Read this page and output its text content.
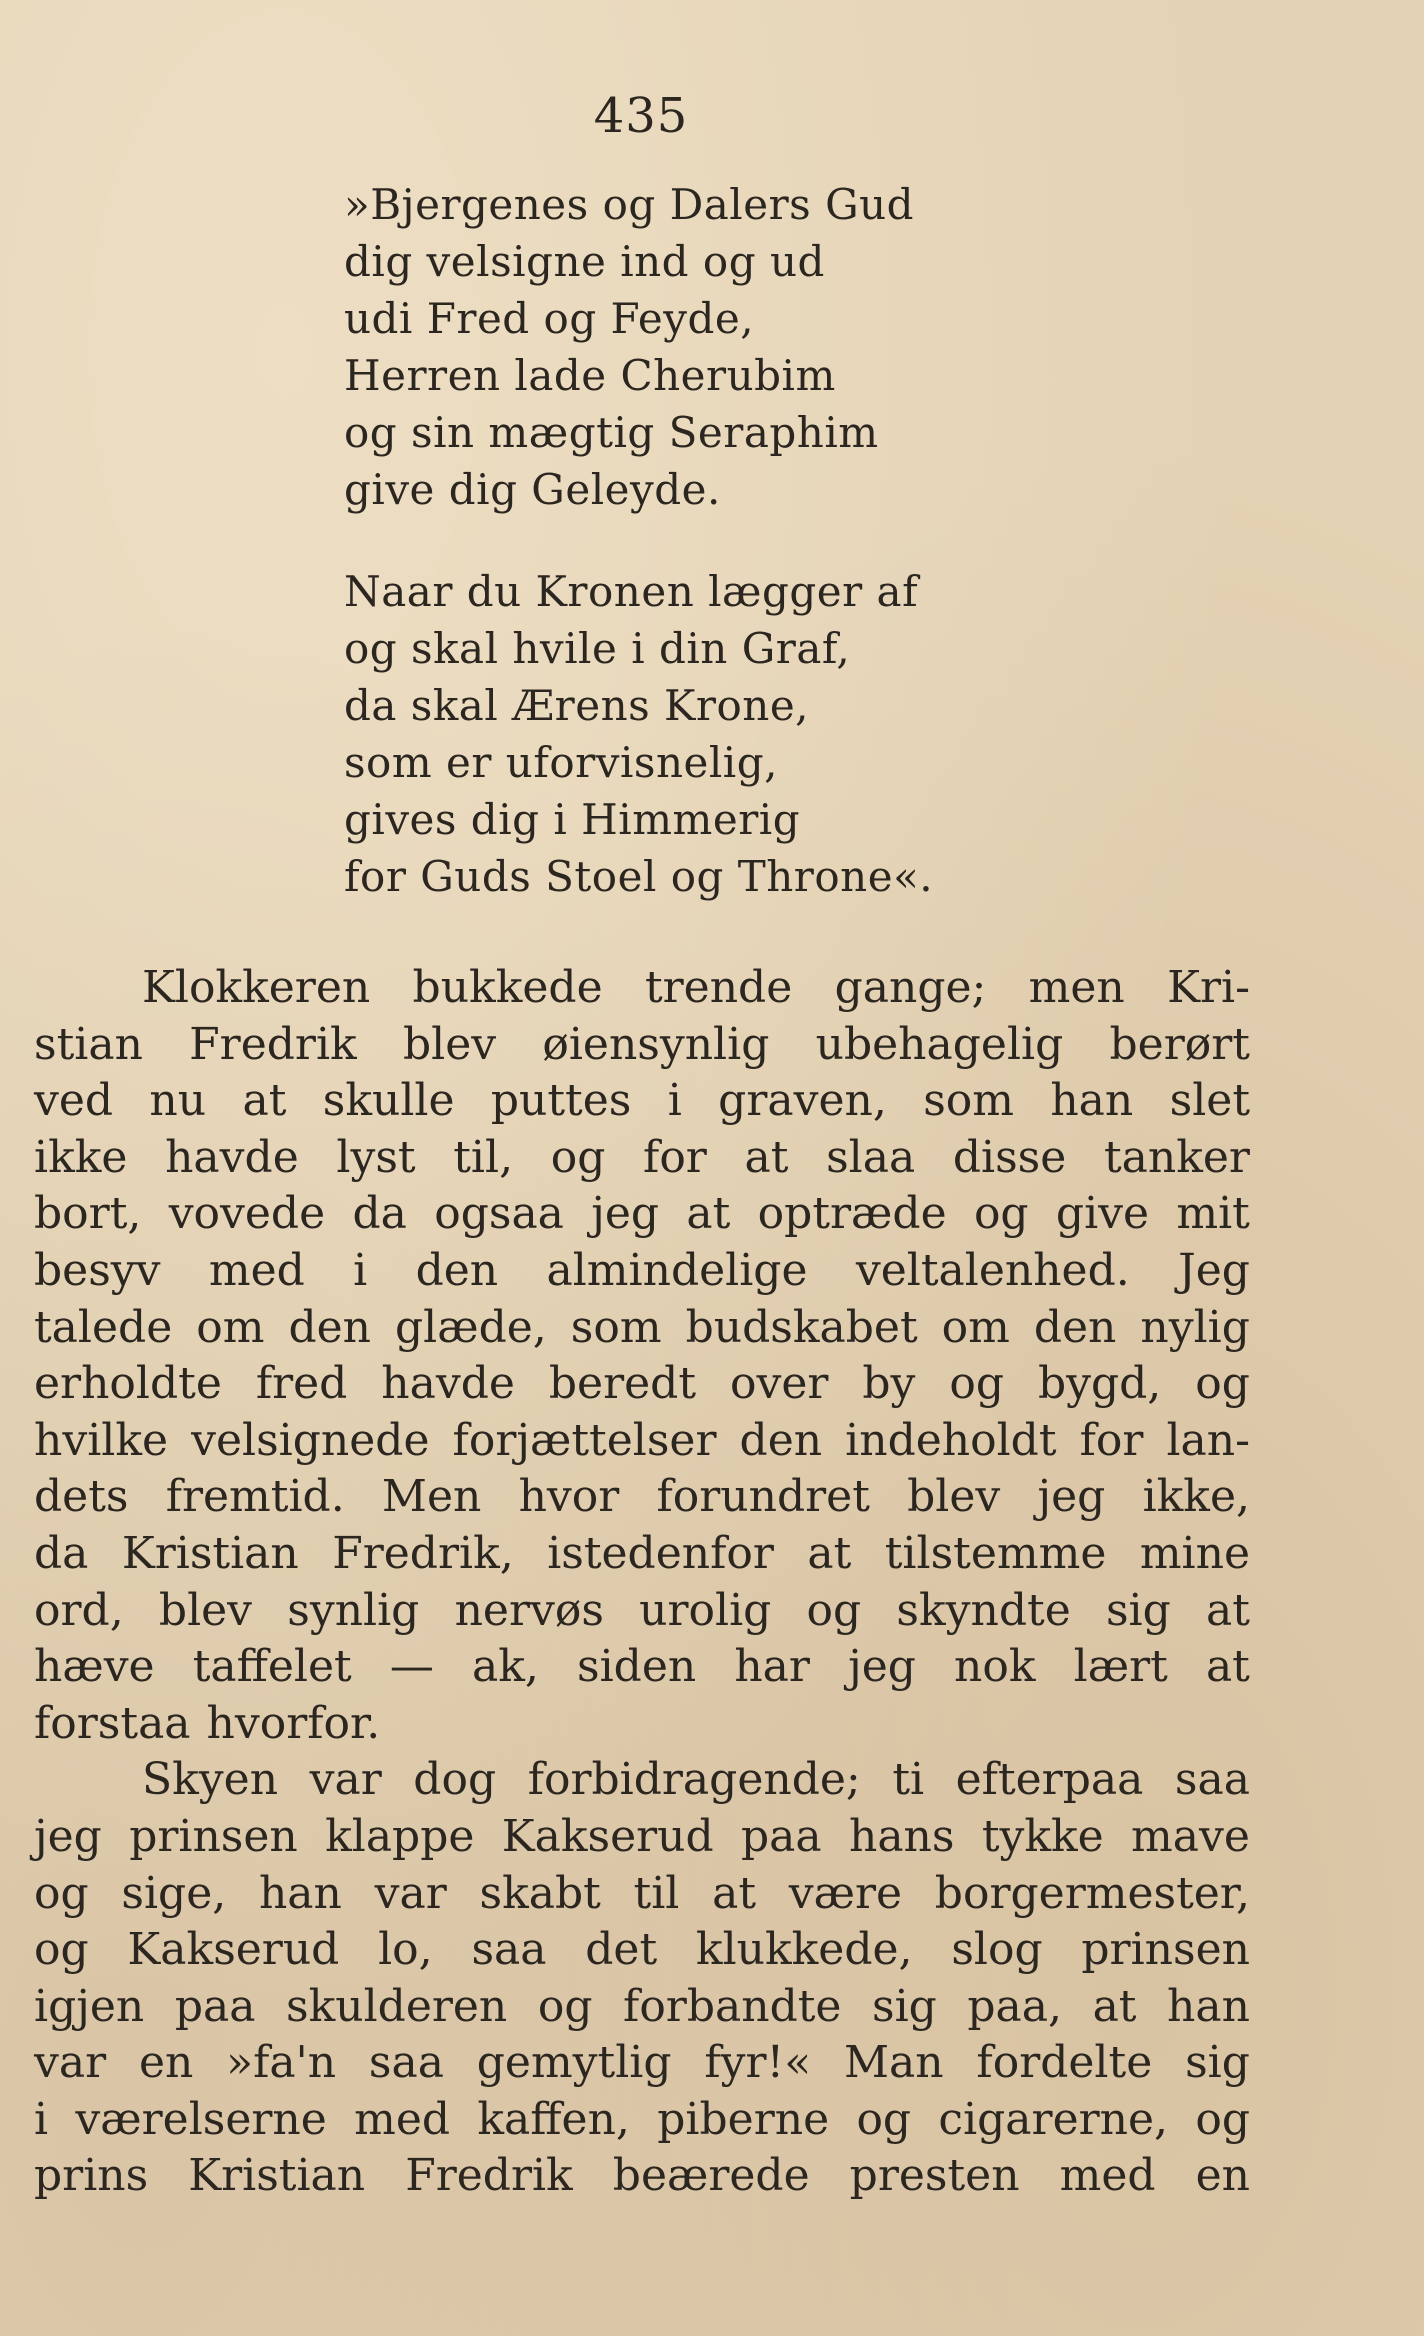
435
»Bjergenes og Dalers Gud
dig velsigne ind og ud
udi Fred og Feyde,
Herren lade Cherubim
og sin mægtig Seraphim
give dig Geleyde.
Naar du Kronen lægger af
og skal hvile i din Graf,
da skal Ærens Krone,
som er uforvisnelig,
gives dig i Himmerig
for Guds Stoel og Throne«.
Klokkeren bukkede trende gange; men Kri-
stian Fredrik blev øiensynlig ubehagelig berørt
ved nu at skulle puttes i graven, som han slet
ikke havde lyst til, og for at slaa disse tanker
bort, vovede da ogsaa jeg at optræde og give mit
besyv med i den almindelige veltalenhed. Jeg
talede om den glæde, som budskabet om den nylig
erholdte fred havde beredt over by og bygd, og
hvilke velsignede forjættelser den indeholdt for lan-
dets fremtid. Men hvor forundret blev jeg ikke,
da Kristian Fredrik, istedenfor at tilstemme mine
ord, blev synlig nervøs urolig og skyndte sig at
hæve taffelet — ak, siden har jeg nok lært at
forstaa hvorfor.
Skyen var dog forbidragende; ti efterpaa saa
jeg prinsen klappe Kakserud paa hans tykke mave
og sige, han var skabt til at være borgermester,
og Kakserud lo, saa det klukkede, slog prinsen
igjen paa skulderen og forbandte sig paa, at han
var en »fa'n saa gemytlig fyr!« Man fordelte sig
i værelserne med kaffen, piberne og cigarerne, og
prins Kristian Fredrik beærede presten med en
